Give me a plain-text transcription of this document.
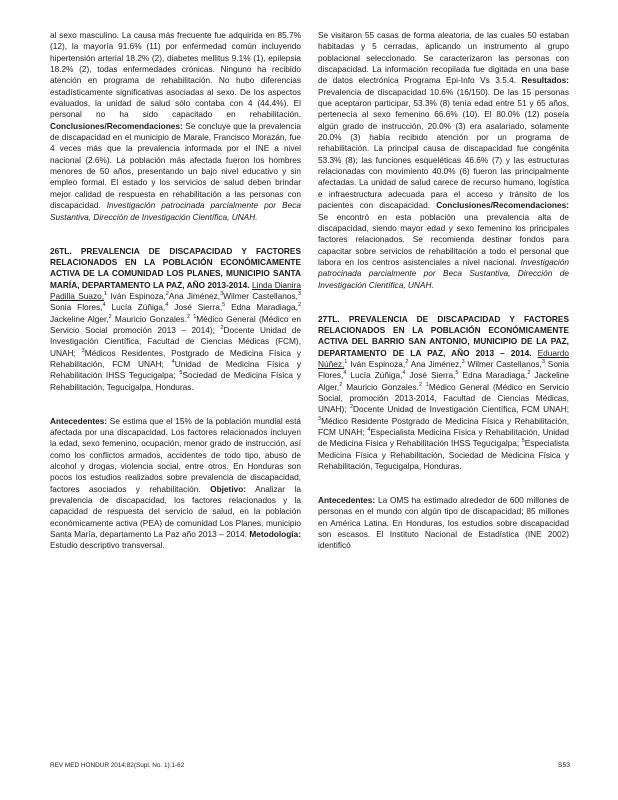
al sexo masculino. La causa más frecuente fue adquirida en 85.7% (12), la mayoría 91.6% (11) por enfermedad común incluyendo hipertensión arterial 18.2% (2), diabetes mellitus 9.1% (1), epilepsia 18.2% (2), todas enfermedades crónicas. Ninguno ha recibido atención en programa de rehabilitación. No hubo diferencias estadísticamente significativas asociadas al sexo. De los aspectos evaluados, la unidad de salud sólo contaba con 4 (44.4%). El personal no ha sido capacitado en rehabilitación. Conclusiones/Recomendaciones: Se concluye que la prevalencia de discapacidad en el municipio de Marale, Francisco Morazán, fue 4 veces más que la prevalencia informada por el INE a nivel nacional (2.6%). La población más afectada fueron los hombres menores de 50 años, presentando un bajo nivel educativo y sin empleo formal. El estado y los servicios de salud deben brindar mejor calidad de respuesta en rehabilitación a las personas con discapacidad. Investigación patrocinada parcialmente por Beca Sustantiva, Dirección de Investigación Científica, UNAH.

26TL. PREVALENCIA DE DISCAPACIDAD Y FACTORES RELACIONADOS EN LA POBLACIÓN ECONÓMICAMENTE ACTIVA DE LA COMUNIDAD LOS PLANES, MUNICIPIO SANTA MARÍA, DEPARTAMENTO LA PAZ, AÑO 2013-2014. Linda Dianira Padilla Suazo,$^1$ Iván Espinoza,$^2$Ana Jiménez,$^3$Wilmer Castellanos,$^3$ Sonia Flores,$^4$ Lucía Zúñiga,$^4$ José Sierra,$^5$ Edna Maradiaga,$^2$ Jackeline Alger,$^2$ Mauricio Gonzales.$^2$ $^1$Médico General (Médico en Servicio Social promoción 2013 – 2014); $^2$Docente Unidad de Investigación Científica, Facultad de Ciencias Médicas (FCM), UNAH; $^3$Médicos Residentes, Postgrado de Medicina Física y Rehabilitación, FCM UNAH; $^4$Unidad de Medicina Física y Rehabilitación IHSS Tegucigalpa; $^5$Sociedad de Medicina Física y Rehabilitación, Tegucigalpa, Honduras.

Antecedentes: Se estima que el 15% de la población mundial está afectada por una discapacidad. Los factores relacionados incluyen la edad, sexo femenino, ocupación, menor grado de instrucción, así como los conflictos armados, accidentes de todo tipo, abuso de alcohol y drogas, violencia social, entre otros. En Honduras son pocos los estudios realizados sobre prevalencia de discapacidad, factores asociados y rehabilitación. Objetivo: Analizar la prevalencia de discapacidad, los factores relacionados y la capacidad de respuesta del servicio de salud, en la población económicamente activa (PEA) de comunidad Los Planes, municipio Santa María, departamento La Paz año 2013 – 2014. Metodología: Estudio descriptivo transversal.

Se visitaron 55 casas de forma aleatoria, de las cuales 50 estaban habitadas y 5 cerradas, aplicando un instrumento al grupo poblacional seleccionado. Se caracterizaron las personas con discapacidad. La información recopilada fue digitada en una base de datos electrónica Programa Epi-Info Vs 3.5.4. Resultados: Prevalencia de discapacidad 10.6% (16/150). De las 15 personas que aceptaron participar, 53.3% (8) tenía edad entre 51 y 65 años, pertenecía al sexo femenino 66.6% (10). El 80.0% (12) poseía algún grado de instrucción, 20.0% (3) era asalariado, solamente 20.0% (3) había recibido atención por un programa de rehabilitación. La principal causa de discapacidad fue congénita 53.3% (8); las funciones esqueléticas 46.6% (7) y las estructuras relacionadas con movimiento 40.0% (6) fueron las principalmente afectadas. La unidad de salud carece de recurso humano, logística e infraestructura adecuada para el acceso y tránsito de los pacientes con discapacidad. Conclusiones/Recomendaciones: Se encontró en esta población una prevalencia alta de discapacidad, siendo mayor edad y sexo femenino los principales factores relacionados. Se recomienda destinar fondos para capacitar sobre servicios de rehabilitación a todo el personal que labora en los centros asistenciales a nivel nacional. Investigación patrocinada parcialmente por Beca Sustantiva, Dirección de Investigación Científica, UNAH.

27TL. PREVALENCIA DE DISCAPACIDAD Y FACTORES RELACIONADOS EN LA POBLACIÓN ECONÓMICAMENTE ACTIVA DEL BARRIO SAN ANTONIO, MUNICIPIO DE LA PAZ, DEPARTAMENTO DE LA PAZ, AÑO 2013 – 2014. Eduardo Núñez,$^1$ Iván Espinoza,$^2$ Ana Jiménez,$^3$ Wilmer Castellanos,$^3$ Sonia Flores,$^4$ Lucía Zúñiga,$^4$ José Sierra,$^5$ Edna Maradiaga,$^2$ Jackeline Alger,$^2$ Mauricio Gonzales.$^2$ $^1$Médico General (Médico en Servicio Social, promoción 2013-2014, Facultad de Ciencias Médicas, UNAH); $^2$Docente Unidad de Investigación Científica, FCM UNAH; $^3$Médico Residente Postgrado de Medicina Física y Rehabilitación, FCM UNAH; $^4$Especialista Medicina Física y Rehabilitación, Unidad de Medicina Física y Rehabilitación IHSS Tegucigalpa; $^5$Especialista Medicina Física y Rehabilitación, Sociedad de Medicina Física y Rehabilitación, Tegucigalpa, Honduras.

Antecedentes: La OMS ha estimado alrededor de 600 millones de personas en el mundo con algún tipo de discapacidad; 85 millones en América Latina. En Honduras, los estudios sobre discapacidad son escasos. El Instituto Nacional de Estadística (INE 2002) identificó

REV MED HONDUR 2014;82(Supl. No. 1):1-62	S53
